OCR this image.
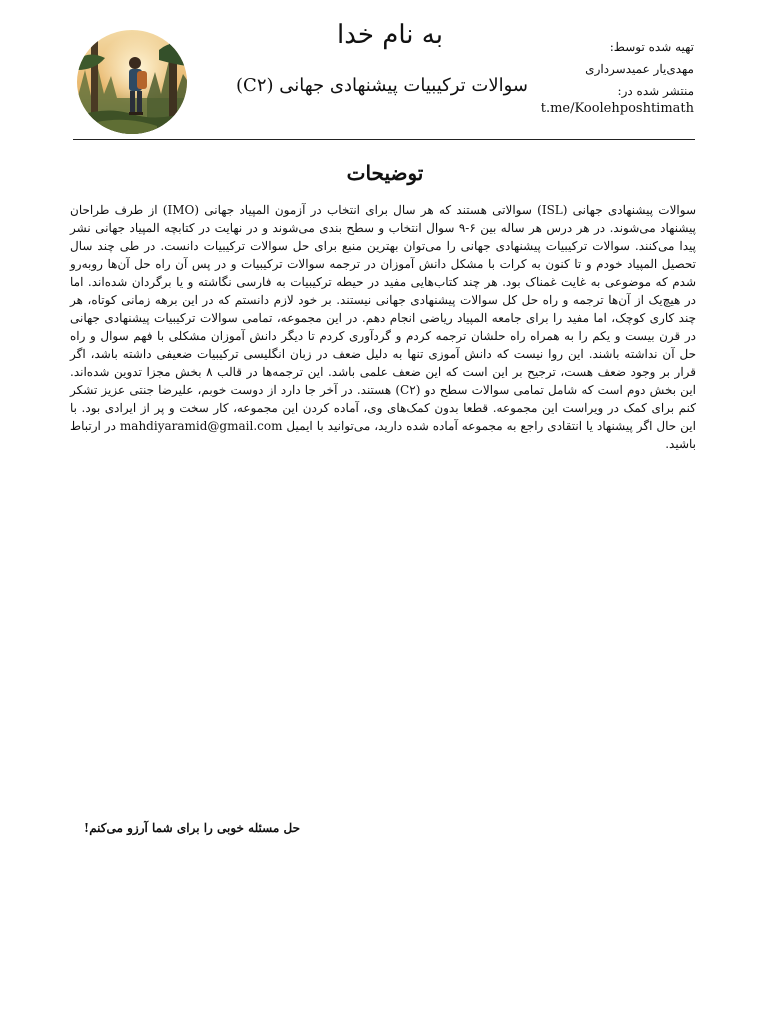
به نام خدا
سوالات ترکیبیات پیشنهادی جهانی (C۲)
تهیه شده توسط:
مهدی‌یار عمیدسرداری
منتشر شده در:
t.me/Koolehposhtimath
توضیحات
سوالات پیشنهادی جهانی (ISL) سوالاتی هستند که هر سال برای انتخاب در آزمون المپیاد جهانی (IMO) از طرف طراحان پیشنهاد می‌شوند. در هر درس هر ساله بین ۶-۹ سوال انتخاب و سطح بندی می‌شوند و در نهایت در کتابچه المپیاد جهانی نشر پیدا می‌کنند. سوالات ترکیبیات پیشنهادی جهانی را می‌توان بهترین منبع برای حل سوالات ترکیبیات دانست. در طی چند سال تحصیل المپیاد خودم و تا کنون به کرات با مشکل دانش آموزان در ترجمه سوالات ترکیبیات و در پس آن راه حل آن‌ها روبه‌رو شدم که موضوعی به غایت غمناک بود. هر چند کتاب‌هایی مفید در حیطه ترکیبیات به فارسی نگاشته و یا برگردان شده‌اند. اما در هیچ‌یک از آن‌ها ترجمه و راه حل کل سوالات پیشنهادی جهانی نیستند. بر خود لازم دانستم که در این برهه زمانی کوتاه، هر چند کاری کوچک، اما مفید را برای جامعه المپیاد ریاضی انجام دهم. در این مجموعه، تمامی سوالات ترکیبیات پیشنهادی جهانی در قرن بیست و یکم را به همراه راه حلشان ترجمه کردم و گردآوری کردم تا دیگر دانش آموزان مشکلی با فهم سوال و راه حل آن نداشته باشند. این روا نیست که دانش آموزی تنها به دلیل ضعف در زبان انگلیسی ترکیبیات ضعیفی داشته باشد، اگر قرار بر وجود ضعف هست، ترجیح بر این است که این ضعف علمی باشد. این ترجمه‌ها در قالب ۸ بخش مجزا تدوین شده‌اند. این بخش دوم است که شامل تمامی سوالات سطح دو (C۲) هستند. در آخر جا دارد از دوست خوبم، علیرضا جنتی عزیز تشکر کنم برای کمک در ویراست این مجموعه. قطعا بدون کمک‌های وی، آماده کردن این مجموعه، کار سخت و پر از ایرادی بود. با این حال اگر پیشنهاد یا انتقادی راجع به مجموعه آماده شده دارید، می‌توانید با ایمیل mahdiyaramid@gmail.com در ارتباط باشید.
حل مسئله خوبی را برای شما آرزو می‌کنم!
